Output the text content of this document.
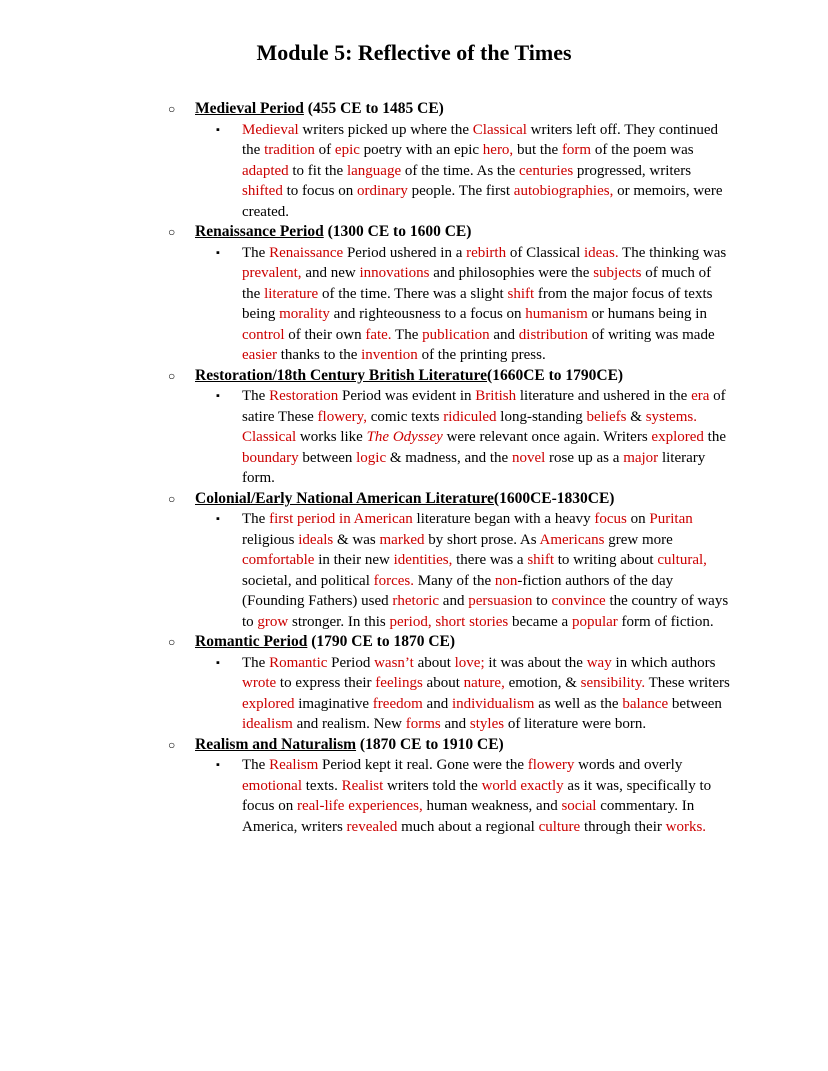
Module 5: Reflective of the Times
○	Medieval Period (455 CE to 1485 CE)
▪	Medieval writers picked up where the Classical writers left off. They continued the tradition of epic poetry with an epic hero, but the form of the poem was adapted to fit the language of the time. As the centuries progressed, writers shifted to focus on ordinary people. The first autobiographies, or memoirs, were created.

○	Renaissance Period (1300 CE to 1600 CE)
▪	The Renaissance Period ushered in a rebirth of Classical ideas. The thinking was prevalent, and new innovations and philosophies were the subjects of much of the literature of the time. There was a slight shift from the major focus of texts being morality and righteousness to a focus on humanism or humans being in control of their own fate. The publication and distribution of writing was made easier thanks to the invention of the printing press.

○	Restoration/18th Century British Literature(1660CE to 1790CE)
▪	The Restoration Period was evident in British literature and ushered in the era of satire These flowery, comic texts ridiculed long-standing beliefs & systems. Classical works like The Odyssey were relevant once again. Writers explored the boundary between logic & madness, and the novel rose up as a major literary form.

○	Colonial/Early National American Literature(1600CE-1830CE)
▪	The first period in American literature began with a heavy focus on Puritan religious ideals & was marked by short prose. As Americans grew more comfortable in their new identities, there was a shift to writing about cultural, societal, and political forces. Many of the non-fiction authors of the day (Founding Fathers) used rhetoric and persuasion to convince the country of ways to grow stronger. In this period, short stories became a popular form of fiction.

○	Romantic Period (1790 CE to 1870 CE)
▪	The Romantic Period wasn’t about love; it was about the way in which authors wrote to express their feelings about nature, emotion, & sensibility. These writers explored imaginative freedom and individualism as well as the balance between idealism and realism. New forms and styles of literature were born.

○	Realism and Naturalism (1870 CE to 1910 CE)
▪	The Realism Period kept it real. Gone were the flowery words and overly emotional texts. Realist writers told the world exactly as it was, specifically to focus on real-life experiences, human weakness, and social commentary. In America, writers revealed much about a regional culture through their works.
